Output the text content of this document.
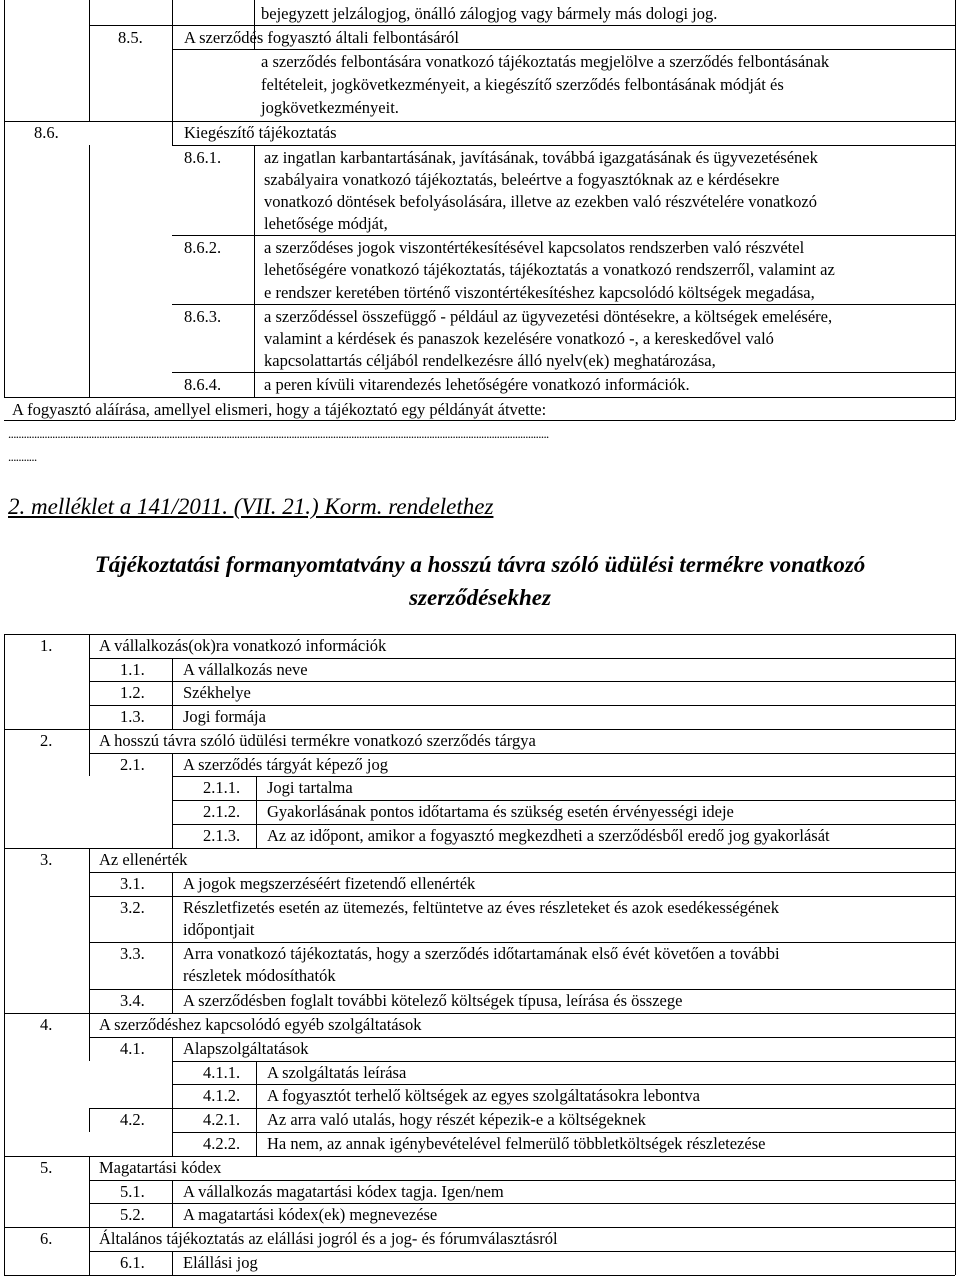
bejegyzett jelzálogjog, önálló zálogjog vagy bármely más dologi jog.
8.5.	A szerződés fogyasztó általi felbontásáról
a szerződés felbontására vonatkozó tájékoztatás megjelölve a szerződés felbontásának
feltételeit, jogkövetkezményeit, a kiegészítő szerződés felbontásának módját és
jogkövetkezményeit.
8.6.	Kiegészítő tájékoztatás
8.6.1.	az ingatlan karbantartásának, javításának, továbbá igazgatásának és ügyvezetésének
szabályaira vonatkozó tájékoztatás, beleértve a fogyasztóknak az e kérdésekre
vonatkozó döntések befolyásolására, illetve az ezekben való részvételére vonatkozó
lehetősége módját,
8.6.2.	a szerződéses jogok viszontértékesítésével kapcsolatos rendszerben való részvétel
lehetőségére vonatkozó tájékoztatás, tájékoztatás a vonatkozó rendszerről, valamint az
e rendszer keretében történő viszontértékesítéshez kapcsolódó költségek megadása,
8.6.3.	a szerződéssel összefüggő - például az ügyvezetési döntésekre, a költségek emelésére,
valamint a kérdések és panaszok kezelésére vonatkozó -, a kereskedővel való
kapcsolattartás céljából rendelkezésre álló nyelv(ek) meghatározása,
8.6.4.	a peren kívüli vitarendezés lehetőségére vonatkozó információk.
A fogyasztó aláírása, amellyel elismeri, hogy a tájékoztató egy példányát átvette:
................................................................................................................................................................................................................
...........
2. melléklet a 141/2011. (VII. 21.) Korm. rendelethez
Tájékoztatási formanyomtatvány a hosszú távra szóló üdülési termékre vonatkozó
szerződésekhez
1.	A vállalkozás(ok)ra vonatkozó információk
1.1. A vállalkozás neve
1.2. Székhelye
1.3. Jogi formája
2.	A hosszú távra szóló üdülési termékre vonatkozó szerződés tárgya
2.1. A szerződés tárgyát képező jog
2.1.1. Jogi tartalma
2.1.2. Gyakorlásának pontos időtartama és szükség esetén érvényességi ideje
2.1.3. Az az időpont, amikor a fogyasztó megkezdheti a szerződésből eredő jog gyakorlását
3.	Az ellenérték
3.1. A jogok megszerzéséért fizetendő ellenérték
3.2. Részletfizetés esetén az ütemezés, feltüntetve az éves részleteket és azok esedékességének
időpontjait
3.3. Arra vonatkozó tájékoztatás, hogy a szerződés időtartamának első évét követően a további
részletek módosíthatók
3.4. A szerződésben foglalt további kötelező költségek típusa, leírása és összege
4.	A szerződéshez kapcsolódó egyéb szolgáltatások
4.1. Alapszolgáltatások
4.1.1. A szolgáltatás leírása
4.1.2. A fogyasztót terhelő költségek az egyes szolgáltatásokra lebontva
4.2.	4.2.1. Az arra való utalás, hogy részét képezik-e a költségeknek
4.2.2. Ha nem, az annak igénybevételével felmerülő többletköltségek részletezése
5.	Magatartási kódex
5.1. A vállalkozás magatartási kódex tagja. Igen/nem
5.2. A magatartási kódex(ek) megnevezése
6.	Általános tájékoztatás az elállási jogról és a jog- és fórumválasztásról
6.1. Elállási jog
